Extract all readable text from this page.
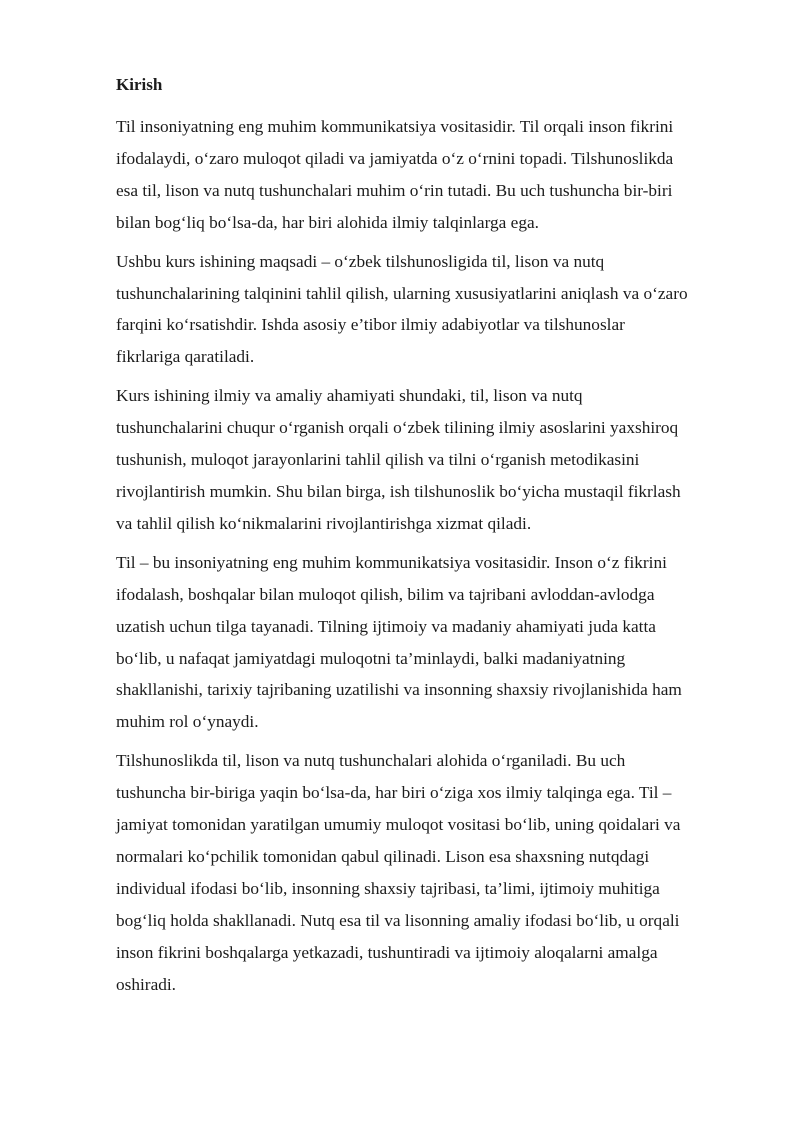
Kirish

Til insoniyatning eng muhim kommunikatsiya vositasidir. Til orqali inson fikrini ifodalaydi, o‘zaro muloqot qiladi va jamiyatda o‘z o‘rnini topadi. Tilshunoslikda esa til, lison va nutq tushunchalari muhim o‘rin tutadi. Bu uch tushuncha bir-biri bilan bog‘liq bo‘lsa-da, har biri alohida ilmiy talqinlarga ega.

Ushbu kurs ishining maqsadi – o‘zbek tilshunosligida til, lison va nutq tushunchalarining talqinini tahlil qilish, ularning xususiyatlarini aniqlash va o‘zaro farqini ko‘rsatishdir. Ishda asosiy e’tibor ilmiy adabiyotlar va tilshunoslar fikrlariga qaratiladi.

Kurs ishining ilmiy va amaliy ahamiyati shundaki, til, lison va nutq tushunchalarini chuqur o‘rganish orqali o‘zbek tilining ilmiy asoslarini yaxshiroq tushunish, muloqot jarayonlarini tahlil qilish va tilni o‘rganish metodikasini rivojlantirish mumkin. Shu bilan birga, ish tilshunoslik bo‘yicha mustaqil fikrlash va tahlil qilish ko‘nikmalarini rivojlantirishga xizmat qiladi.

Til – bu insoniyatning eng muhim kommunikatsiya vositasidir. Inson o‘z fikrini ifodalash, boshqalar bilan muloqot qilish, bilim va tajribani avloddan-avlodga uzatish uchun tilga tayanadi. Tilning ijtimoiy va madaniy ahamiyati juda katta bo‘lib, u nafaqat jamiyatdagi muloqotni ta’minlaydi, balki madaniyatning shakllanishi, tarixiy tajribaning uzatilishi va insonning shaxsiy rivojlanishida ham muhim rol o‘ynaydi.

Tilshunoslikda til, lison va nutq tushunchalari alohida o‘rganiladi. Bu uch tushuncha bir-biriga yaqin bo‘lsa-da, har biri o‘ziga xos ilmiy talqinga ega. Til – jamiyat tomonidan yaratilgan umumiy muloqot vositasi bo‘lib, uning qoidalari va normalari ko‘pchilik tomonidan qabul qilinadi. Lison esa shaxsning nutqdagi individual ifodasi bo‘lib, insonning shaxsiy tajribasi, ta’limi, ijtimoiy muhitiga bog‘liq holda shakllanadi. Nutq esa til va lisonning amaliy ifodasi bo‘lib, u orqali inson fikrini boshqalarga yetkazadi, tushuntiradi va ijtimoiy aloqalarni amalga oshiradi.
